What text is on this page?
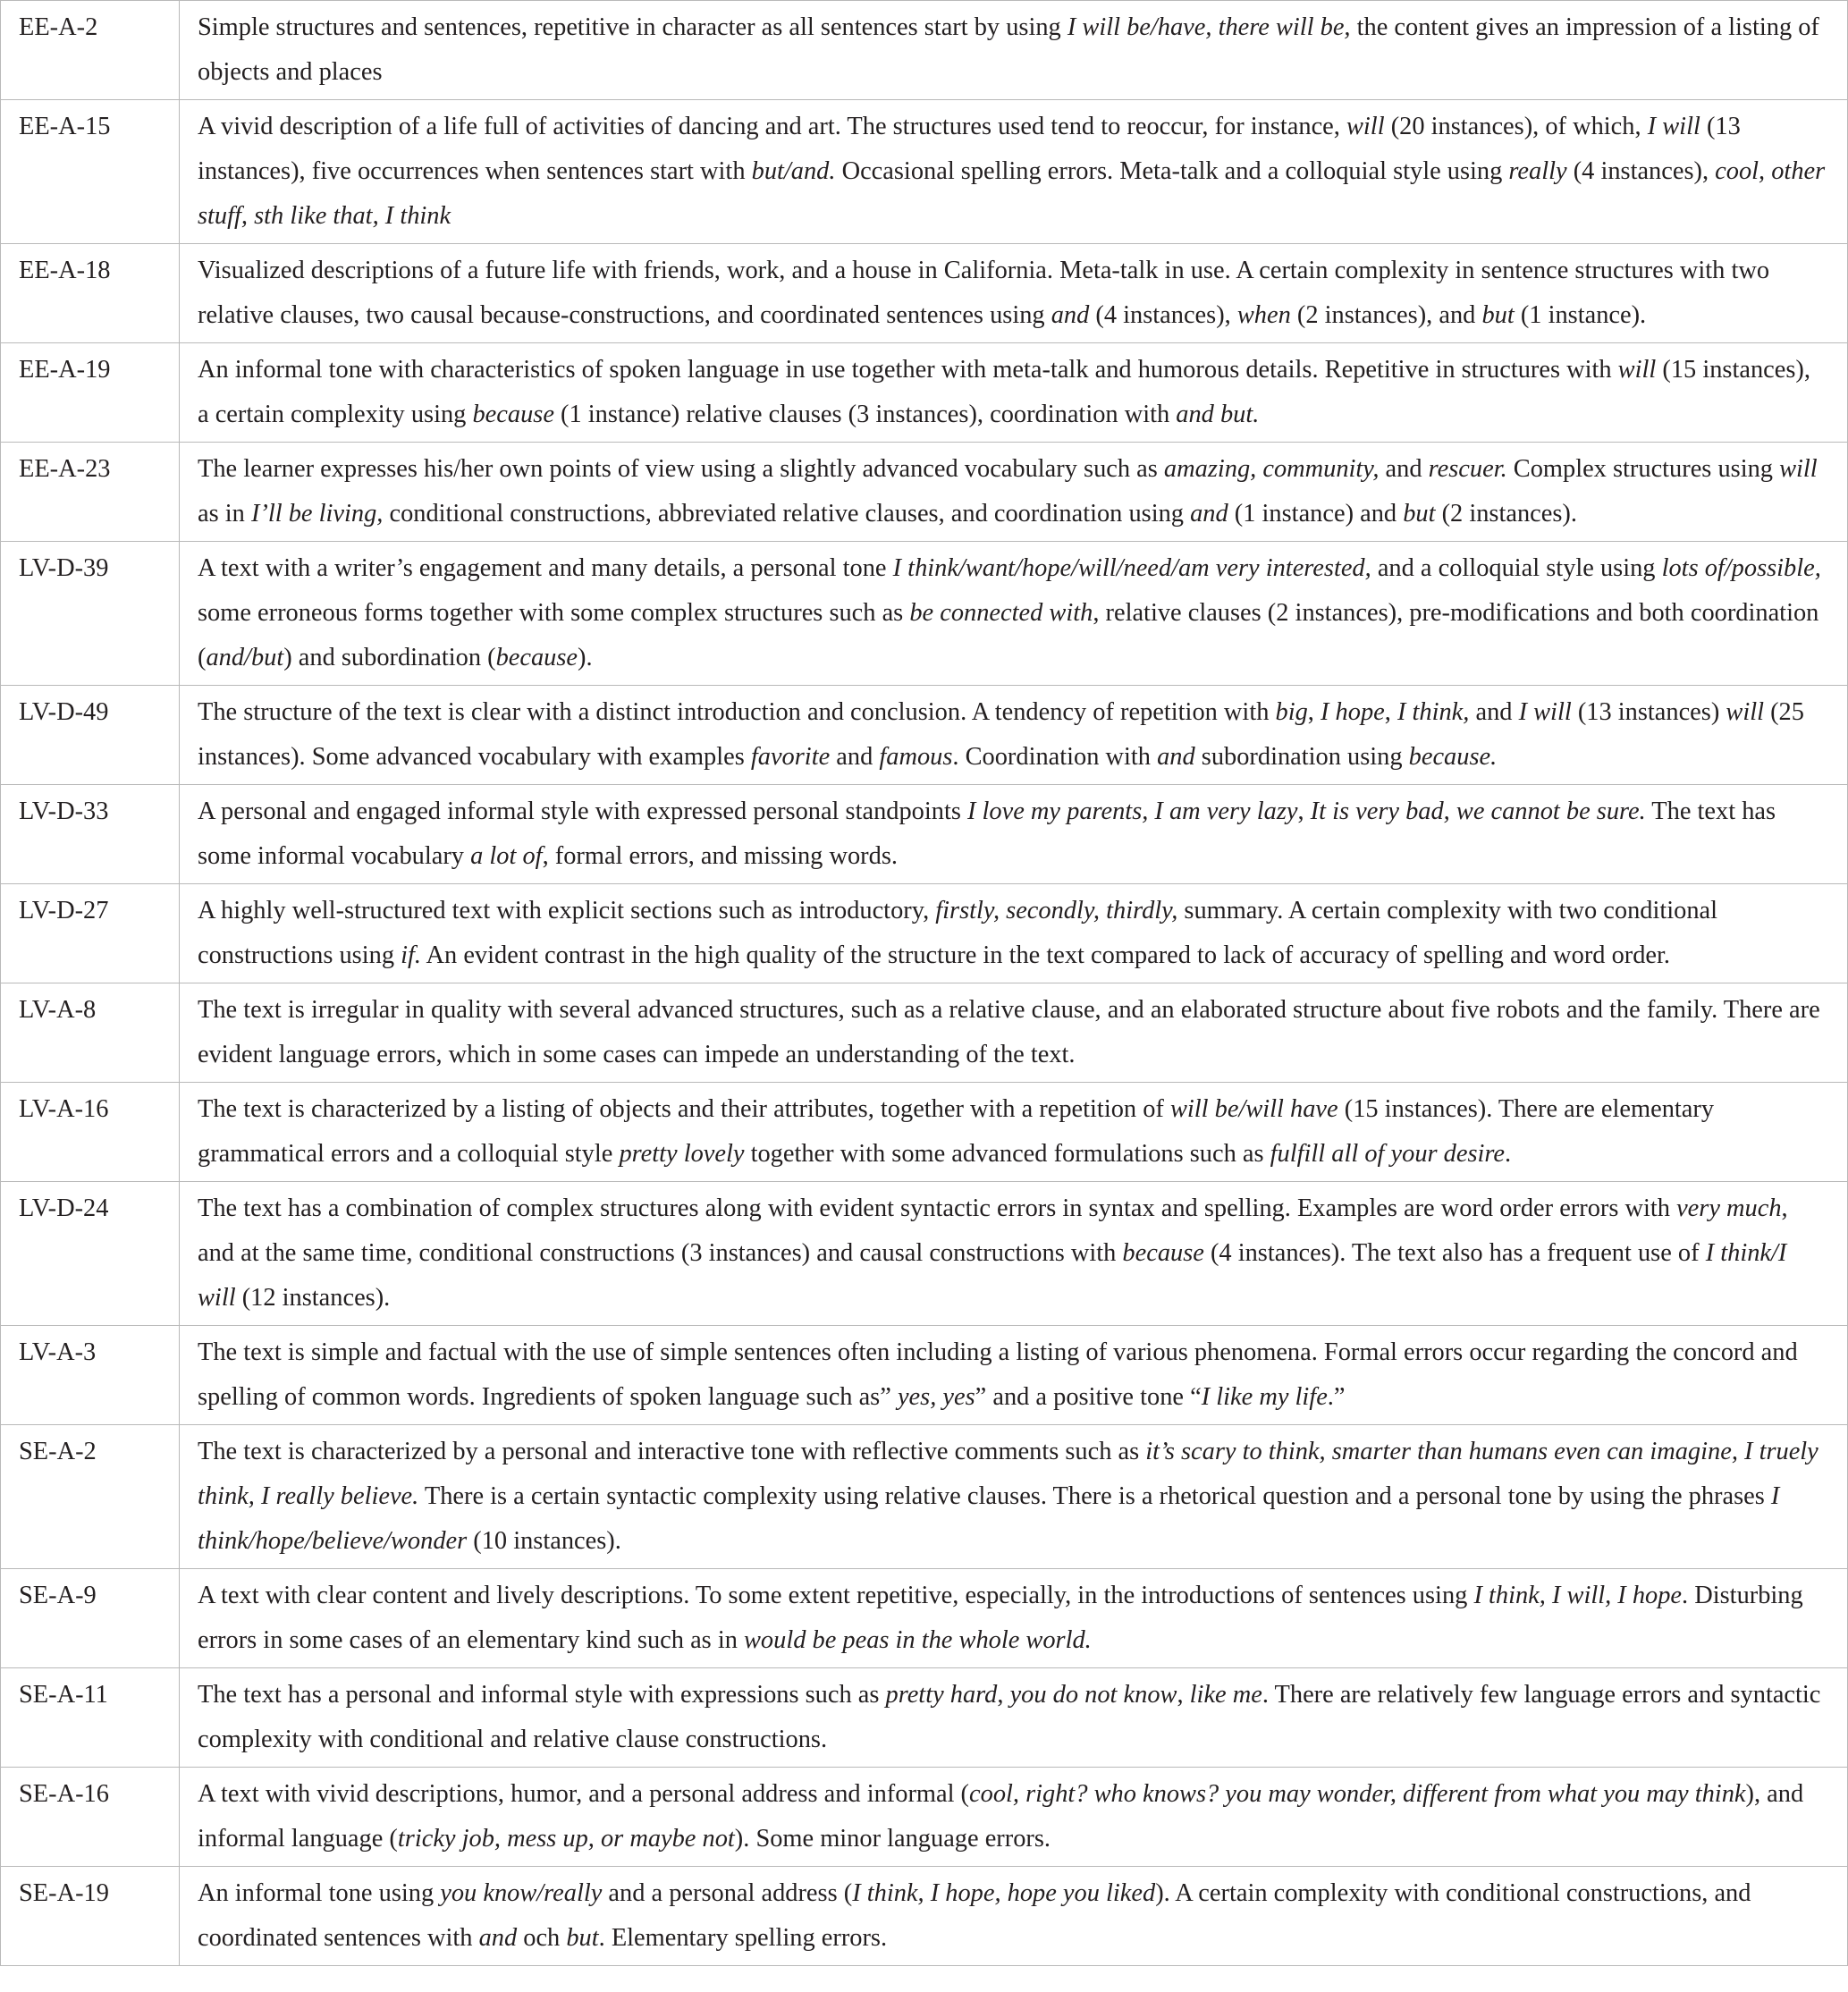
EE-A-2	Simple structures and sentences, repetitive in character as all sentences start by using I will be/have, there will be, the content gives an impression of a listing of objects and places

EE-A-15	A vivid description of a life full of activities of dancing and art. The structures used tend to reoccur, for instance, will (20 instances), of which, I will (13 instances), five occurrences when sentences start with but/and. Occasional spelling errors. Meta-talk and a colloquial style using really (4 instances), cool, other stuff, sth like that, I think

EE-A-18	Visualized descriptions of a future life with friends, work, and a house in California. Meta-talk in use. A certain complexity in sentence structures with two relative clauses, two causal because-constructions, and coordinated sentences using and (4 instances), when (2 instances), and but (1 instance).

EE-A-19	An informal tone with characteristics of spoken language in use together with meta-talk and humorous details. Repetitive in structures with will (15 instances), a certain complexity using because (1 instance) relative clauses (3 instances), coordination with and but.

EE-A-23	The learner expresses his/her own points of view using a slightly advanced vocabulary such as amazing, community, and rescuer. Complex structures using will as in I’ll be living, conditional constructions, abbreviated relative clauses, and coordination using and (1 instance) and but (2 instances).

LV-D-39	A text with a writer’s engagement and many details, a personal tone I think/want/hope/will/need/am very interested, and a colloquial style using lots of/possible, some erroneous forms together with some complex structures such as be connected with, relative clauses (2 instances), pre-modifications and both coordination (and/but) and subordination (because).

LV-D-49	The structure of the text is clear with a distinct introduction and conclusion. A tendency of repetition with big, I hope, I think, and I will (13 instances) will (25 instances). Some advanced vocabulary with examples favorite and famous. Coordination with and subordination using because.

LV-D-33	A personal and engaged informal style with expressed personal standpoints I love my parents, I am very lazy, It is very bad, we cannot be sure. The text has some informal vocabulary a lot of, formal errors, and missing words.

LV-D-27	A highly well-structured text with explicit sections such as introductory, firstly, secondly, thirdly, summary. A certain complexity with two conditional constructions using if. An evident contrast in the high quality of the structure in the text compared to lack of accuracy of spelling and word order.

LV-A-8	The text is irregular in quality with several advanced structures, such as a relative clause, and an elaborated structure about five robots and the family. There are evident language errors, which in some cases can impede an understanding of the text.

LV-A-16	The text is characterized by a listing of objects and their attributes, together with a repetition of will be/will have (15 instances). There are elementary grammatical errors and a colloquial style pretty lovely together with some advanced formulations such as fulfill all of your desire.

LV-D-24	The text has a combination of complex structures along with evident syntactic errors in syntax and spelling. Examples are word order errors with very much, and at the same time, conditional constructions (3 instances) and causal constructions with because (4 instances). The text also has a frequent use of I think/I will (12 instances).

LV-A-3	The text is simple and factual with the use of simple sentences often including a listing of various phenomena. Formal errors occur regarding the concord and spelling of common words. Ingredients of spoken language such as” yes, yes” and a positive tone “I like my life.”

SE-A-2	The text is characterized by a personal and interactive tone with reflective comments such as it’s scary to think, smarter than humans even can imagine, I truely think, I really believe. There is a certain syntactic complexity using relative clauses. There is a rhetorical question and a personal tone by using the phrases I think/hope/believe/wonder (10 instances).

SE-A-9	A text with clear content and lively descriptions. To some extent repetitive, especially, in the introductions of sentences using I think, I will, I hope. Disturbing errors in some cases of an elementary kind such as in would be peas in the whole world.

SE-A-11	The text has a personal and informal style with expressions such as pretty hard, you do not know, like me. There are relatively few language errors and syntactic complexity with conditional and relative clause constructions.

SE-A-16	A text with vivid descriptions, humor, and a personal address and informal (cool, right? who knows? you may wonder, different from what you may think), and informal language (tricky job, mess up, or maybe not). Some minor language errors.

SE-A-19	An informal tone using you know/really and a personal address (I think, I hope, hope you liked). A certain complexity with conditional constructions, and coordinated sentences with and och but. Elementary spelling errors.
